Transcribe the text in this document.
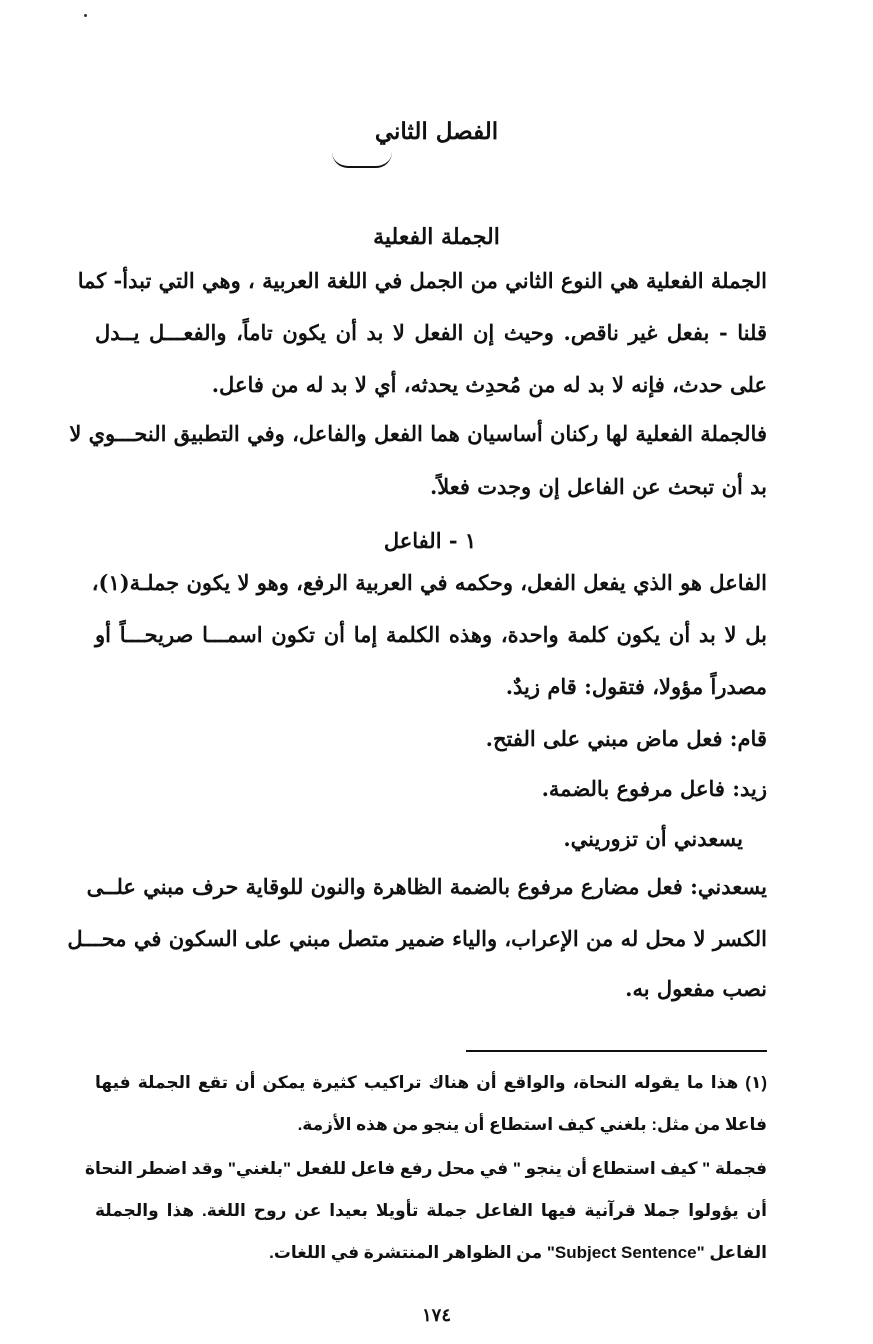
الفصل الثاني
الجملة الفعلية
الجملة الفعلية هي النوع الثاني من الجمل في اللغة العربية ، وهي التي تبدأ- كما
قلنا - بفعل غير ناقص. وحيث إن الفعل لا بد أن يكون تاماً، والفعـــل يــدل
على حدث، فإنه لا بد له من مُحدِث يحدثه، أي لا بد له من فاعل.
فالجملة الفعلية لها ركنان أساسيان هما الفعل والفاعل، وفي التطبيق النحـــوي لا
بد أن تبحث عن الفاعل إن وجدت فعلاً.
١ - الفاعل
الفاعل هو الذي يفعل الفعل، وحكمه في العربية الرفع، وهو لا يكون جملـة(١)،
بل لا بد أن يكون كلمة واحدة، وهذه الكلمة إما أن تكون اسمـــا صريحـــاً أو
مصدراً مؤولا، فتقول: قام زيدٌ.
قام: فعل ماض مبني على الفتح.
زيد: فاعل مرفوع بالضمة.
يسعدني أن تزوريني.
يسعدني: فعل مضارع مرفوع بالضمة الظاهرة والنون للوقاية حرف مبني علــى
الكسر لا محل له من الإعراب، والياء ضمير متصل مبني على السكون في محـــل
نصب مفعول به.
(١) هذا ما يقوله النحاة، والواقع أن هناك تراكيب كثيرة يمكن أن تقع الجملة فيها
فاعلا من مثل: بلغني كيف استطاع أن ينجو من هذه الأزمة.
فجملة " كيف استطاع أن ينجو " في محل رفع فاعل للفعل "بلغني" وقد اضطر النحاة
أن يؤولوا جملا قرآنية فيها الفاعل جملة تأويلا بعيدا عن روح اللغة. هذا والجملة
الفاعل "Subject Sentence" من الظواهر المنتشرة في اللغات.
١٧٤
